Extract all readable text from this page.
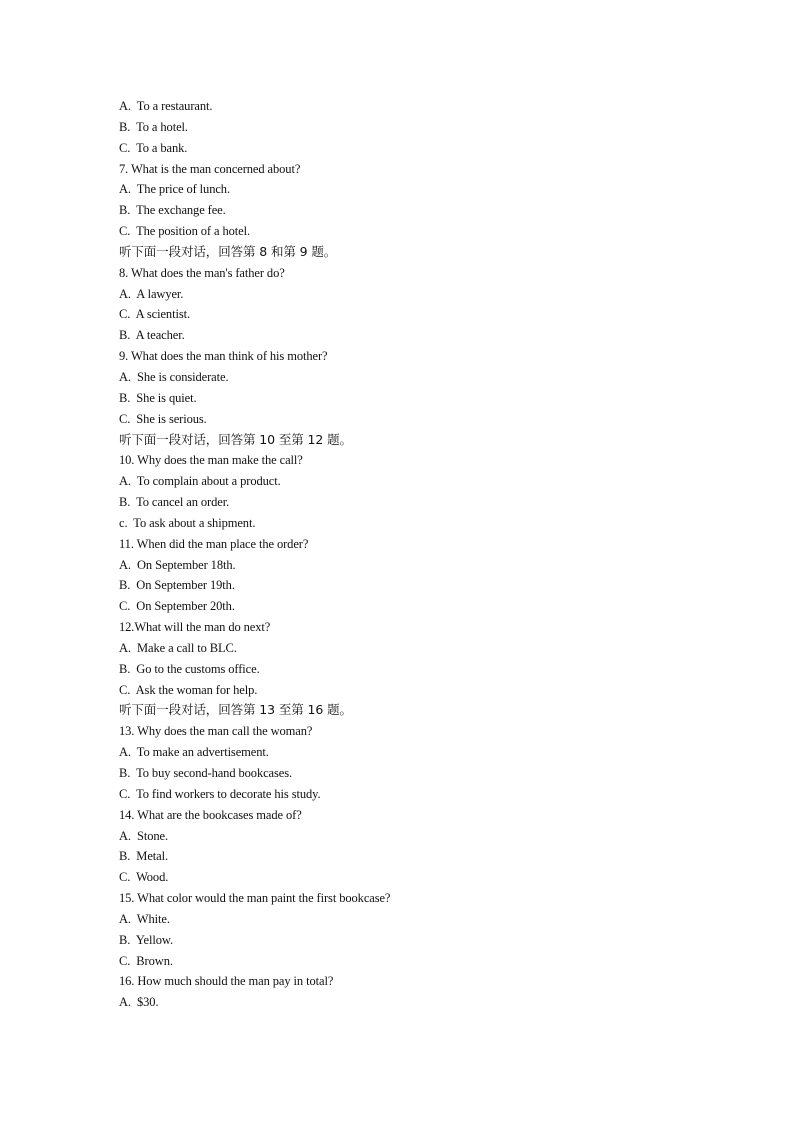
A.  To a restaurant.
B.  To a hotel.
C.  To a bank.
7. What is the man concerned about?
A.  The price of lunch.
B.  The exchange fee.
C.  The position of a hotel.
听下面一段对话，回答第 8 和第 9 题。
8. What does the man's father do?
A.  A lawyer.
C.  A scientist.
B.  A teacher.
9. What does the man think of his mother?
A.  She is considerate.
B.  She is quiet.
C.  She is serious.
听下面一段对话，回答第 10 至第 12 题。
10. Why does the man make the call?
A.  To complain about a product.
B.  To cancel an order.
c.  To ask about a shipment.
11. When did the man place the order?
A.  On September 18th.
B.  On September 19th.
C.  On September 20th.
12.What will the man do next?
A.  Make a call to BLC.
B.  Go to the customs office.
C.  Ask the woman for help.
听下面一段对话，回答第 13 至第 16 题。
13. Why does the man call the woman?
A.  To make an advertisement.
B.  To buy second-hand bookcases.
C.  To find workers to decorate his study.
14. What are the bookcases made of?
A.  Stone.
B.  Metal.
C.  Wood.
15. What color would the man paint the first bookcase?
A.  White.
B.  Yellow.
C.  Brown.
16. How much should the man pay in total?
A.  $30.
